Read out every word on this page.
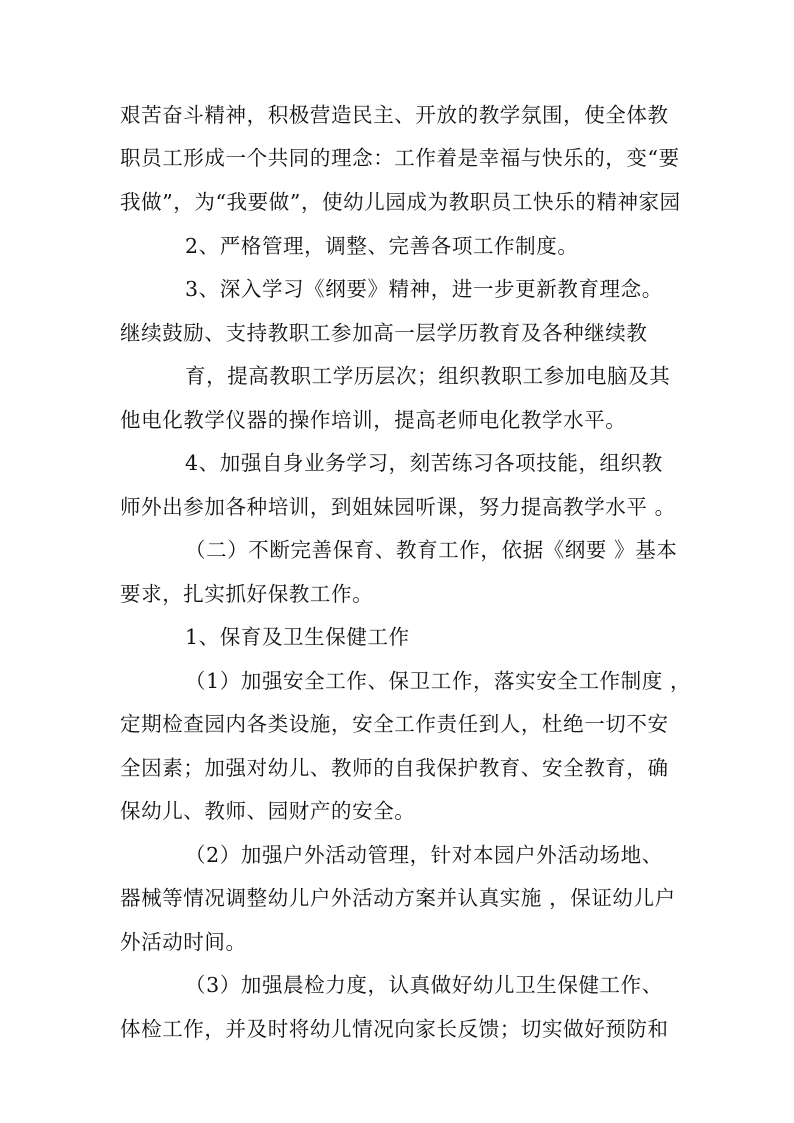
艰苦奋斗精神，积极营造民主、开放的教学氛围，使全体教
职员工形成一个共同的理念：工作着是幸福与快乐的，变“要
我做”，为“我要做”，使幼儿园成为教职员工快乐的精神家园
2、严格管理，调整、完善各项工作制度。
3、深入学习《纲要》精神，进一步更新教育理念。
继续鼓励、支持教职工参加高一层学历教育及各种继续教
育，提高教职工学历层次；组织教职工参加电脑及其
他电化教学仪器的操作培训，提高老师电化教学水平。
4、加强自身业务学习，刻苦练习各项技能，组织教
师外出参加各种培训，到姐妹园听课，努力提高教学水平 。
（二）不断完善保育、教育工作，依据《纲要 》基本
要求，扎实抓好保教工作。
1、保育及卫生保健工作
（1）加强安全工作、保卫工作，落实安全工作制度 ，
定期检查园内各类设施，安全工作责任到人，杜绝一切不安
全因素；加强对幼儿、教师的自我保护教育、安全教育，确
保幼儿、教师、园财产的安全。
（2）加强户外活动管理，针对本园户外活动场地、
器械等情况调整幼儿户外活动方案并认真实施 ，保证幼儿户
外活动时间。
（3）加强晨检力度，认真做好幼儿卫生保健工作、
体检工作，并及时将幼儿情况向家长反馈；切实做好预防和
